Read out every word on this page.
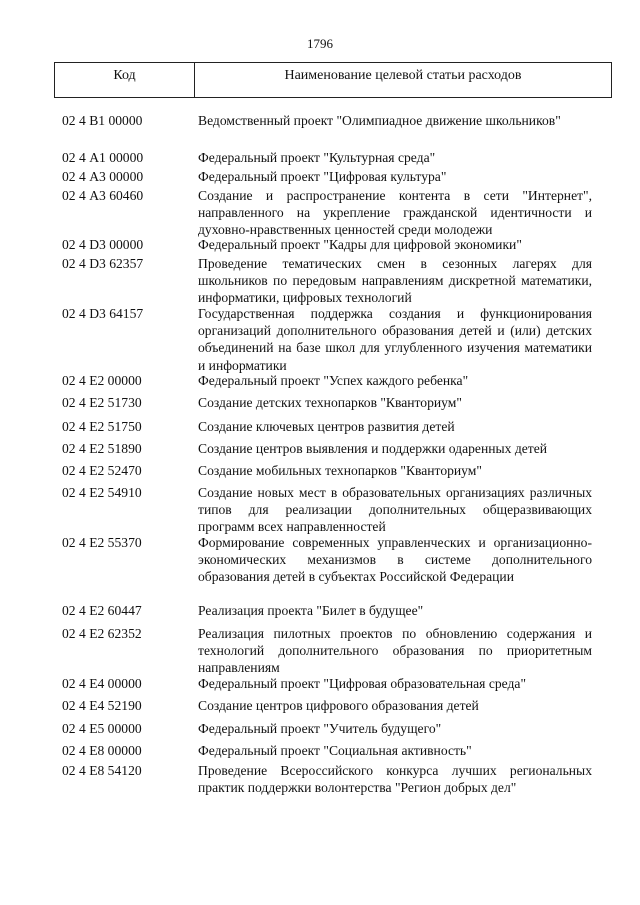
1796
Код	Наименование целевой статьи расходов
02 4 В1 00000	Ведомственный проект "Олимпиадное движение школьников"
02 4 А1 00000	Федеральный проект "Культурная среда"
02 4 А3 00000	Федеральный проект "Цифровая культура"
02 4 А3 60460	Создание и распространение контента в сети "Интернет", направленного на укрепление гражданской идентичности и духовно-нравственных ценностей среди молодежи
02 4 D3 00000	Федеральный проект "Кадры для цифровой экономики"
02 4 D3 62357	Проведение тематических смен в сезонных лагерях для школьников по передовым направлениям дискретной математики, информатики, цифровых технологий
02 4 D3 64157	Государственная поддержка создания и функционирования организаций дополнительного образования детей и (или) детских объединений на базе школ для углубленного изучения математики и информатики
02 4 Е2 00000	Федеральный проект "Успех каждого ребенка"
02 4 Е2 51730	Создание детских технопарков "Кванториум"
02 4 Е2 51750	Создание ключевых центров развития детей
02 4 Е2 51890	Создание центров выявления и поддержки одаренных детей
02 4 Е2 52470	Создание мобильных технопарков "Кванториум"
02 4 Е2 54910	Создание новых мест в образовательных организациях различных типов для реализации дополнительных общеразвивающих программ всех направленностей
02 4 Е2 55370	Формирование современных управленческих и организационно-экономических механизмов в системе дополнительного образования детей в субъектах Российской Федерации
02 4 Е2 60447	Реализация проекта "Билет в будущее"
02 4 Е2 62352	Реализация пилотных проектов по обновлению содержания и технологий дополнительного образования по приоритетным направлениям
02 4 Е4 00000	Федеральный проект "Цифровая образовательная среда"
02 4 Е4 52190	Создание центров цифрового образования детей
02 4 Е5 00000	Федеральный проект "Учитель будущего"
02 4 Е8 00000	Федеральный проект "Социальная активность"
02 4 Е8 54120	Проведение Всероссийского конкурса лучших региональных практик поддержки волонтерства "Регион добрых дел"
